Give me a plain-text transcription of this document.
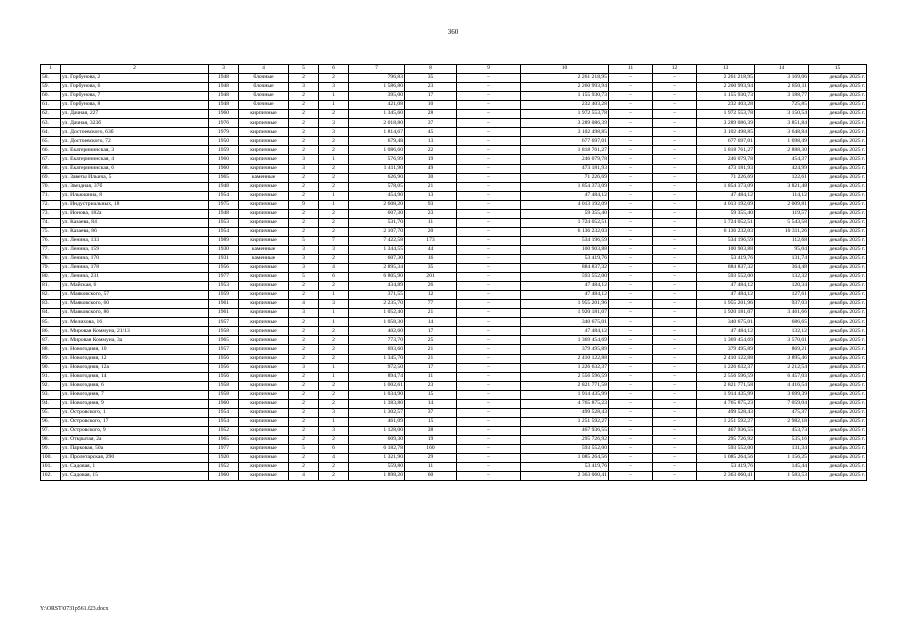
360
1	2	3	4	5	6	7	8	9	10	11	12	13	14	15
58.	ул. Горбунова, 2	1948	блочные	2	2	796,83	35	–	2 261 218,95	–	–	2 261 218,95	3 169,06	декабрь 2025 г.
59.	ул. Горбунова, 6	1948	блочные	3	3	1 586,80	23	–	2 260 993,94	–	–	2 260 993,94	2 850,11	декабрь 2025 г.
60.	ул. Горбунова, 7	1948	блочные	2	1	395,00	17	–	1 155 930,73	–	–	1 155 930,73	3 188,77	декабрь 2025 г.
61.	ул. Горбунова, 8	1948	блочные	2	1	421,08	10	–	232 403,28	–	–	232 403,28	725,85	декабрь 2025 г.
62.	ул. Дачная, 227	1960	кирпичные	2	2	1 345,60	28	–	1 972 553,78	–	–	1 972 553,78	3 150,54	декабрь 2025 г.
63.	ул. Дачная, 323б	1976	кирпичные	2	3	2 018,80	37	–	3 289 086,39	–	–	3 289 086,39	3 851,84	декабрь 2025 г.
64.	ул. Достоевского, 63б	1979	кирпичные	2	3	1 814,67	45	–	3 102 498,85	–	–	3 102 498,85	3 648,84	декабрь 2025 г.
65.	ул. Достоевского, 72	1950	кирпичные	2	2	679,48	13	–	677 697,01	–	–	677 697,01	1 698,49	декабрь 2025 г.
66.	ул. Екатерининская, 3	1959	кирпичные	2	2	1 086,60	22	–	1 818 761,27	–	–	1 818 761,27	2 888,30	декабрь 2025 г.
67.	ул. Екатерининская, 4	1960	кирпичные	3	1	576,99	19	–	246 079,78	–	–	246 079,78	454,37	декабрь 2025 г.
68.	ул. Екатерининская, 6	1960	кирпичные	3	2	1 411,90	49	–	473 181,93	–	–	473 181,93	424,99	декабрь 2025 г.
69.	ул. Заветы Ильича, 5	1965	каменные	2	2	626,90	30	–	71 226,69	–	–	71 226,69	122,61	декабрь 2025 г.
70.	ул. Звездная, 37б	1948	кирпичные	2	2	578,05	21	–	1 854 373,09	–	–	1 854 373,09	3 821,48	декабрь 2025 г.
71.	ул. Ильюшина, 8	1954	кирпичные	2	1	454,90	13	–	47 484,12	–	–	47 484,12	114,12	декабрь 2025 г.
72.	ул. Индустриальных, 18	1975	кирпичные	9	1	2 608,20	93	–	4 013 192,09	–	–	4 013 192,09	2 009,81	декабрь 2025 г.
73.	ул. Ионова, 182а	1948	кирпичные	2	2	607,30	23	–	59 355,40	–	–	59 355,40	119,57	декабрь 2025 г.
74.	ул. Казаева, 84	1953	кирпичные	2	2	531,70	11	–	1 724 052,51	–	–	1 724 052,51	5 543,58	декабрь 2025 г.
75.	ул. Казаева, 86	1954	кирпичные	2	2	2 107,70	20	–	6 136 232,03	–	–	6 136 232,03	10 311,26	декабрь 2025 г.
76.	ул. Ленина, 133	1989	кирпичные	5	7	7 422,58	173	–	534 196,59	–	–	534 196,59	112,68	декабрь 2025 г.
77.	ул. Ленина, 159	1930	каменные	3	3	1 344,55	44	–	100 903,88	–	–	100 903,88	95,04	декабрь 2025 г.
78.	ул. Ленина, 170	1931	каменные	3	2	607,30	16	–	53 419,76	–	–	53 419,76	131,74	декабрь 2025 г.
79.	ул. Ленина, 178	1956	кирпичные	3	4	2 895,34	35	–	884 837,32	–	–	884 837,32	364,48	декабрь 2025 г.
80.	ул. Ленина, 231	1977	кирпичные	5	6	6 805,90	201	–	593 552,00	–	–	593 552,00	132,32	декабрь 2025 г.
81.	ул. Майская, 6	1953	кирпичные	2	2	434,89	26	–	47 484,12	–	–	47 484,12	120,34	декабрь 2025 г.
82.	ул. Маяковского, 57	1959	кирпичные	2	1	371,55	12	–	47 484,12	–	–	47 484,12	127,61	декабрь 2025 г.
83.	ул. Маяковского, 60	1961	кирпичные	4	3	2 235,70	77	–	1 955 201,96	–	–	1 955 201,96	937,03	декабрь 2025 г.
84.	ул. Маяковского, 86	1961	кирпичные	3	1	1 052,40	21	–	1 920 181,07	–	–	1 920 181,07	3 461,66	декабрь 2025 г.
85.	ул. Мелихова, 16	1957	кирпичные	2	1	1 058,30	14	–	340 675,01	–	–	340 675,01	686,65	декабрь 2025 г.
86.	ул. Мировая Коммуна, 21/13	1958	кирпичные	2	2	402,60	17	–	47 484,12	–	–	47 484,12	132,12	декабрь 2025 г.
87.	ул. Мировая Коммуна, 3а	1965	кирпичные	2	2	773,70	25	–	1 369 454,69	–	–	1 369 454,69	3 570,01	декабрь 2025 г.
88.	ул. Новогодняя, 10	1957	кирпичные	2	2	693,60	21	–	379 495,89	–	–	379 495,89	869,21	декабрь 2025 г.
89.	ул. Новогодняя, 12	1956	кирпичные	2	2	1 345,70	21	–	2 410 122,88	–	–	2 410 122,88	3 895,46	декабрь 2025 г.
90.	ул. Новогодняя, 12а	1956	кирпичные	3	1	972,50	17	–	1 226 632,37	–	–	1 226 632,37	2 212,54	декабрь 2025 г.
91.	ул. Новогодняя, 14	1956	кирпичные	2	1	894,74	11	–	2 556 596,59	–	–	2 556 596,59	6 457,03	декабрь 2025 г.
92.	ул. Новогодняя, 6	1958	кирпичные	2	2	1 002,61	23	–	2 821 771,58	–	–	2 821 771,58	4 416,54	декабрь 2025 г.
93.	ул. Новогодняя, 7	1958	кирпичные	2	2	1 034,90	15	–	1 914 435,99	–	–	1 914 435,99	3 699,39	декабрь 2025 г.
94.	ул. Новогодняя, 9	1960	кирпичные	2	2	1 383,80	14	–	4 765 875,23	–	–	4 765 875,23	7 059,04	декабрь 2025 г.
95.	ул. Островского, 1	1954	кирпичные	2	3	1 302,57	37	–	499 528,43	–	–	499 528,43	475,37	декабрь 2025 г.
96.	ул. Островского, 17	1954	кирпичные	2	1	461,09	15	–	1 251 592,27	–	–	1 251 592,27	2 982,18	декабрь 2025 г.
97.	ул. Островского, 9	1952	кирпичные	2	3	1 128,00	38	–	467 936,55	–	–	467 936,55	453,73	декабрь 2025 г.
98.	ул. Открытая, 2а	1965	кирпичные	2	2	609,30	19	–	295 726,92	–	–	295 726,92	535,16	декабрь 2025 г.
99.	ул. Парковая, 50а	1977	кирпичные	5	6	6 182,78	160	–	593 552,00	–	–	593 552,00	131,34	декабрь 2025 г.
100.	ул. Пролетарская, 290	1920	кирпичные	2	4	1 321,90	29	–	1 085 264,56	–	–	1 085 264,56	1 156,25	декабрь 2025 г.
101.	ул. Садовая, 1	1952	кирпичные	2	2	559,80	11	–	53 419,76	–	–	53 419,76	145,44	декабрь 2025 г.
102.	ул. Садовая, 15	1960	кирпичные	4	2	1 898,20	60	–	2 363 060,41	–	–	2 363 060,41	1 583,53	декабрь 2025 г.
Y:\ORST\0731p561.f23.docx
